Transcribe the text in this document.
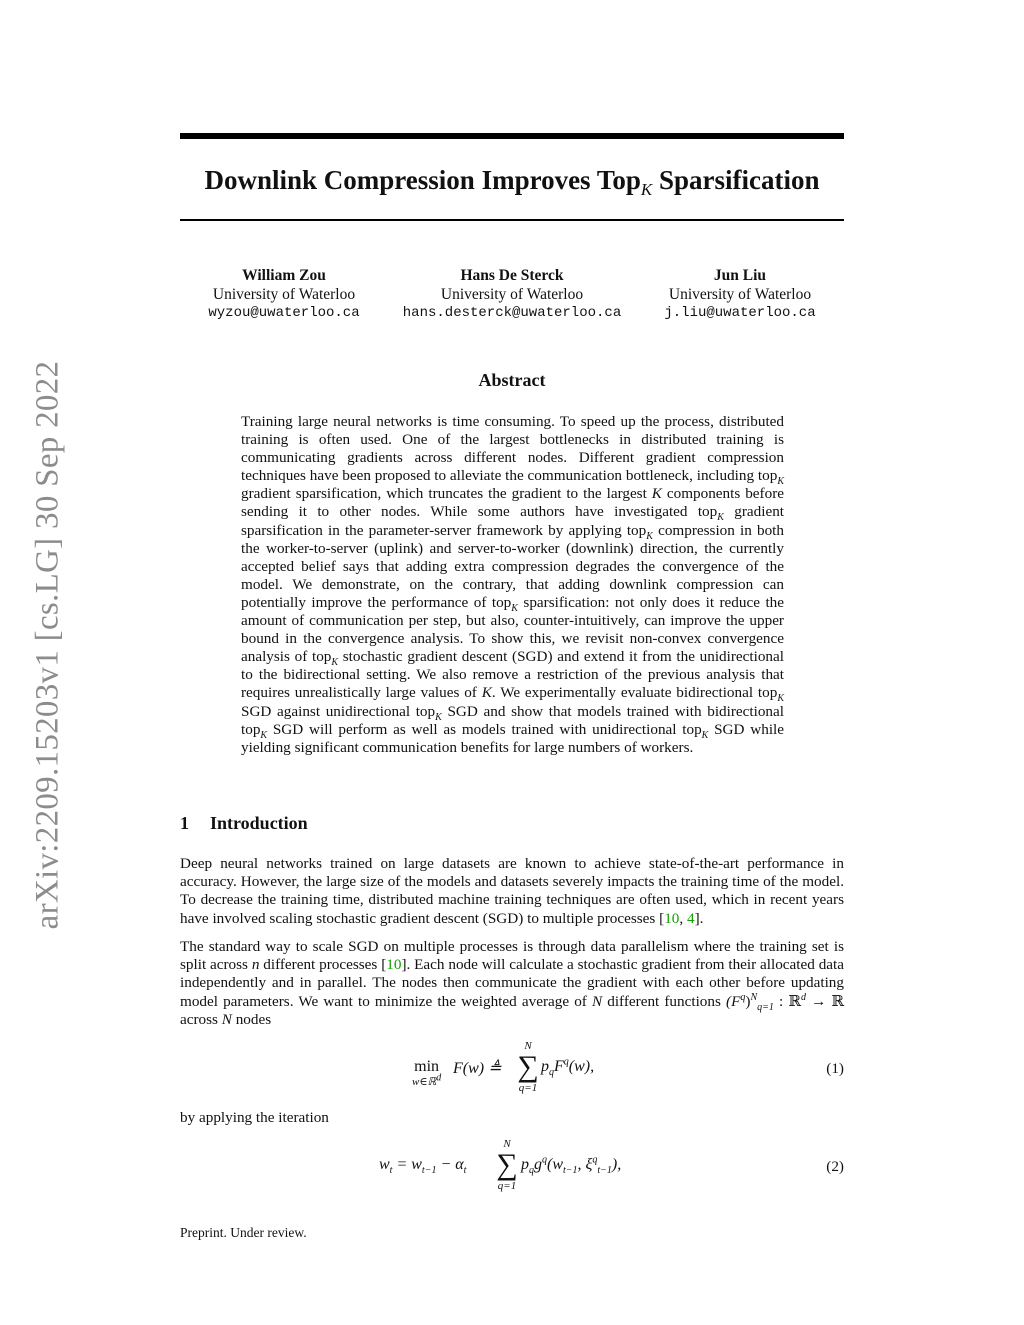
arXiv:2209.15203v1 [cs.LG] 30 Sep 2022
Downlink Compression Improves Top$_K$ Sparsification
William Zou
University of Waterloo
wyzou@uwaterloo.ca
Hans De Sterck
University of Waterloo
hans.desterck@uwaterloo.ca
Jun Liu
University of Waterloo
j.liu@uwaterloo.ca
Abstract
Training large neural networks is time consuming. To speed up the process, distributed training is often used. One of the largest bottlenecks in distributed training is communicating gradients across different nodes. Different gradient compression techniques have been proposed to alleviate the communication bottleneck, including top$_K$ gradient sparsification, which truncates the gradient to the largest K components before sending it to other nodes. While some authors have investigated top$_K$ gradient sparsification in the parameter-server framework by applying top$_K$ compression in both the worker-to-server (uplink) and server-to-worker (downlink) direction, the currently accepted belief says that adding extra compression degrades the convergence of the model. We demonstrate, on the contrary, that adding downlink compression can potentially improve the performance of top$_K$ sparsification: not only does it reduce the amount of communication per step, but also, counter-intuitively, can improve the upper bound in the convergence analysis. To show this, we revisit non-convex convergence analysis of top$_K$ stochastic gradient descent (SGD) and extend it from the unidirectional to the bidirectional setting. We also remove a restriction of the previous analysis that requires unrealistically large values of K. We experimentally evaluate bidirectional top$_K$ SGD against unidirectional top$_K$ SGD and show that models trained with bidirectional top$_K$ SGD will perform as well as models trained with unidirectional top$_K$ SGD while yielding significant communication benefits for large numbers of workers.
1 Introduction

Deep neural networks trained on large datasets are known to achieve state-of-the-art performance in accuracy. However, the large size of the models and datasets severely impacts the training time of the model. To decrease the training time, distributed machine training techniques are often used, which in recent years have involved scaling stochastic gradient descent (SGD) to multiple processes [10, 4].

The standard way to scale SGD on multiple processes is through data parallelism where the training set is split across n different processes [10]. Each node will calculate a stochastic gradient from their allocated data independently and in parallel. The nodes then communicate the gradient with each other before updating model parameters. We want to minimize the weighted average of N different functions $(F^q)^N_{q=1}$ : ℝ$^d$ → ℝ across N nodes

min
w∈ℝ$^d$
F(w) ≜
N
∑
q=1
$p_qF^q(w)$,	(1)

by applying the iteration

$w_t = w_{t-1} - \alpha_t$
N
∑
q=1
$p_qg^q(w_{t-1}$, $\xi^q_{t-1}$),	(2)

Preprint. Under review.
